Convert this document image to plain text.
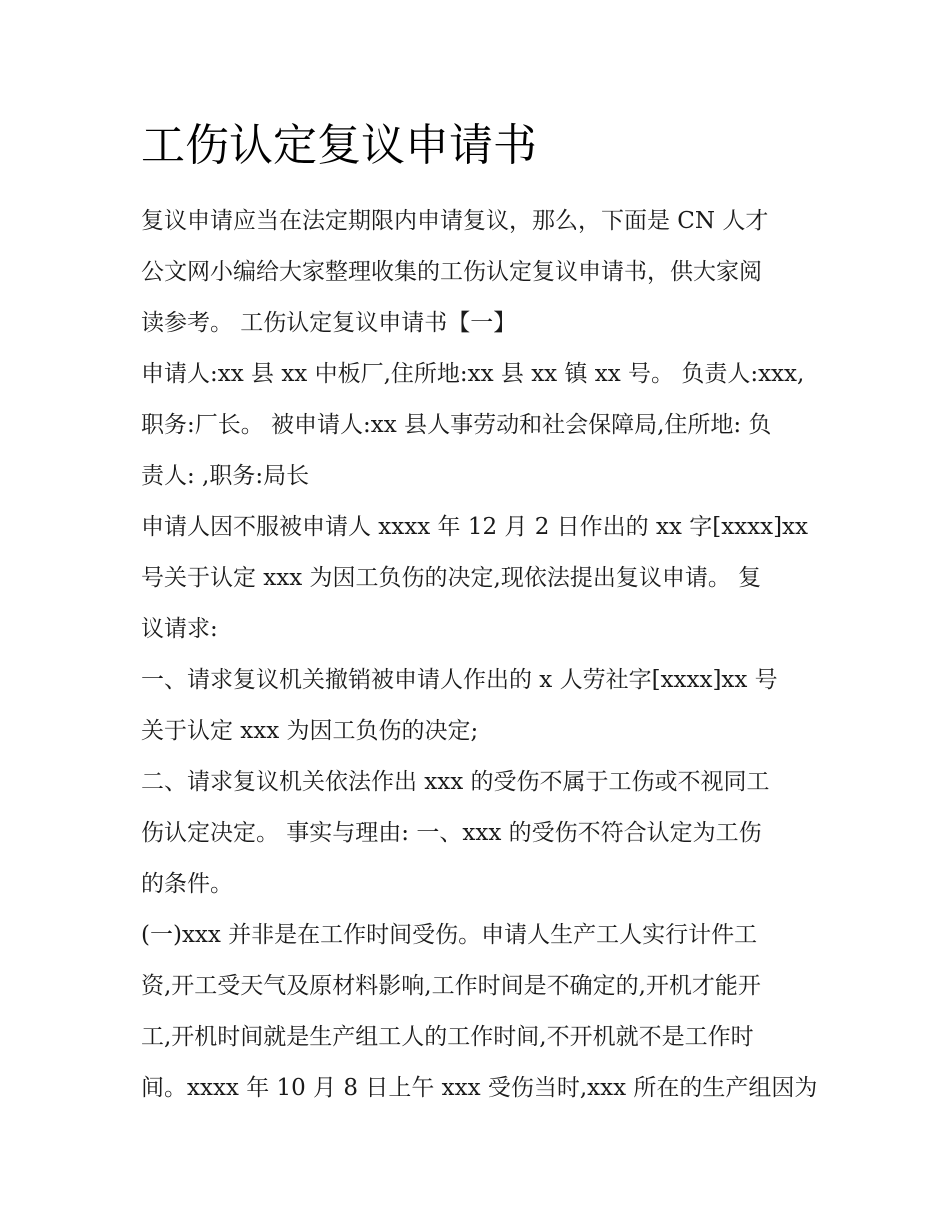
工伤认定复议申请书

复议申请应当在法定期限内申请复议，那么，下面是 CN 人才
公文网小编给大家整理收集的工伤认定复议申请书，供大家阅
读参考。 工伤认定复议申请书【一】

申请人:xx 县 xx 中板厂,住所地:xx 县 xx 镇 xx 号。 负责人:xxx,
职务:厂长。 被申请人:xx 县人事劳动和社会保障局,住所地: 负
责人: ,职务:局长

申请人因不服被申请人 xxxx 年 12 月 2 日作出的 xx 字[xxxx]xx
号关于认定 xxx 为因工负伤的决定,现依法提出复议申请。 复
议请求:

一、请求复议机关撤销被申请人作出的 x 人劳社字[xxxx]xx 号
关于认定 xxx 为因工负伤的决定;

二、请求复议机关依法作出 xxx 的受伤不属于工伤或不视同工
伤认定决定。 事实与理由: 一、xxx 的受伤不符合认定为工伤
的条件。

(一)xxx 并非是在工作时间受伤。申请人生产工人实行计件工
资,开工受天气及原材料影响,工作时间是不确定的,开机才能开
工,开机时间就是生产组工人的工作时间,不开机就不是工作时
间。xxxx 年 10 月 8 日上午 xxx 受伤当时,xxx 所在的生产组因为
